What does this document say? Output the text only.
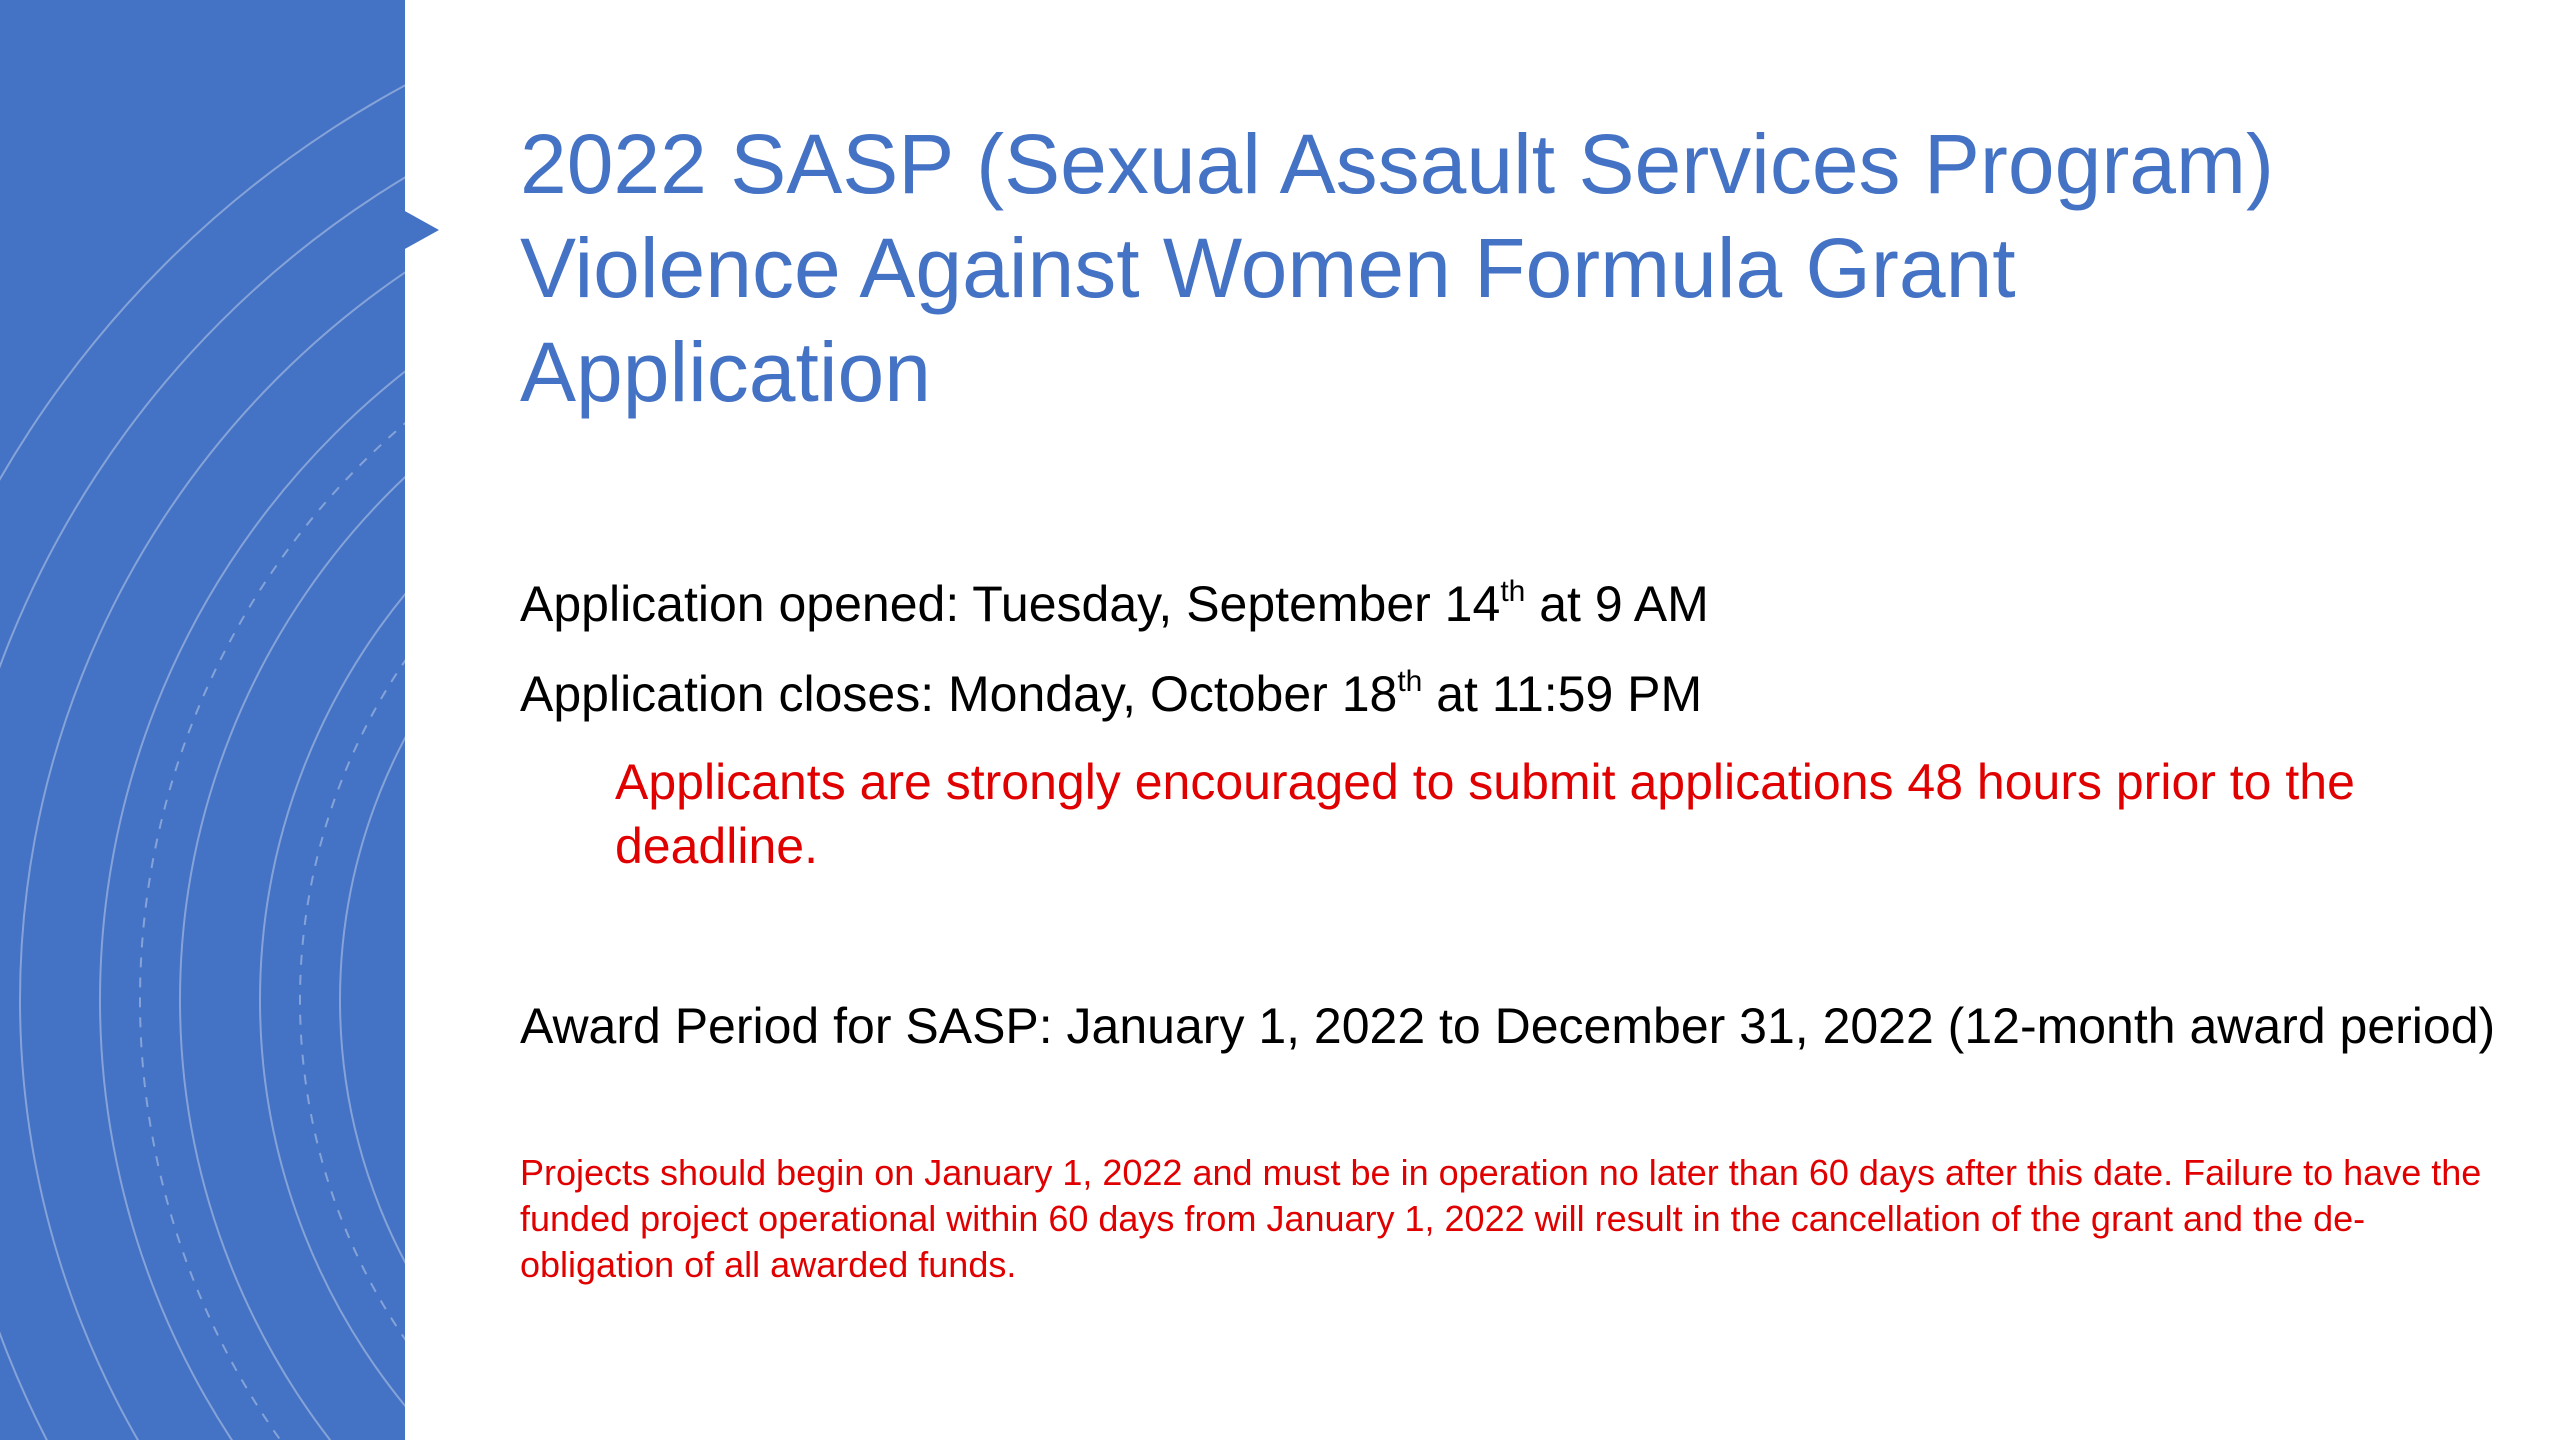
2022 SASP (Sexual Assault Services Program)
Violence Against Women Formula Grant
Application
Application opened: Tuesday, September 14th at 9 AM
Application closes: Monday, October 18th at 11:59 PM
Applicants are strongly encouraged to submit applications 48 hours prior to the deadline.
Award Period for SASP: January 1, 2022 to December 31, 2022 (12-month award period)
Projects should begin on January 1, 2022 and must be in operation no later than 60 days after this date. Failure to have the funded project operational within 60 days from January 1, 2022 will result in the cancellation of the grant and the de-obligation of all awarded funds.
